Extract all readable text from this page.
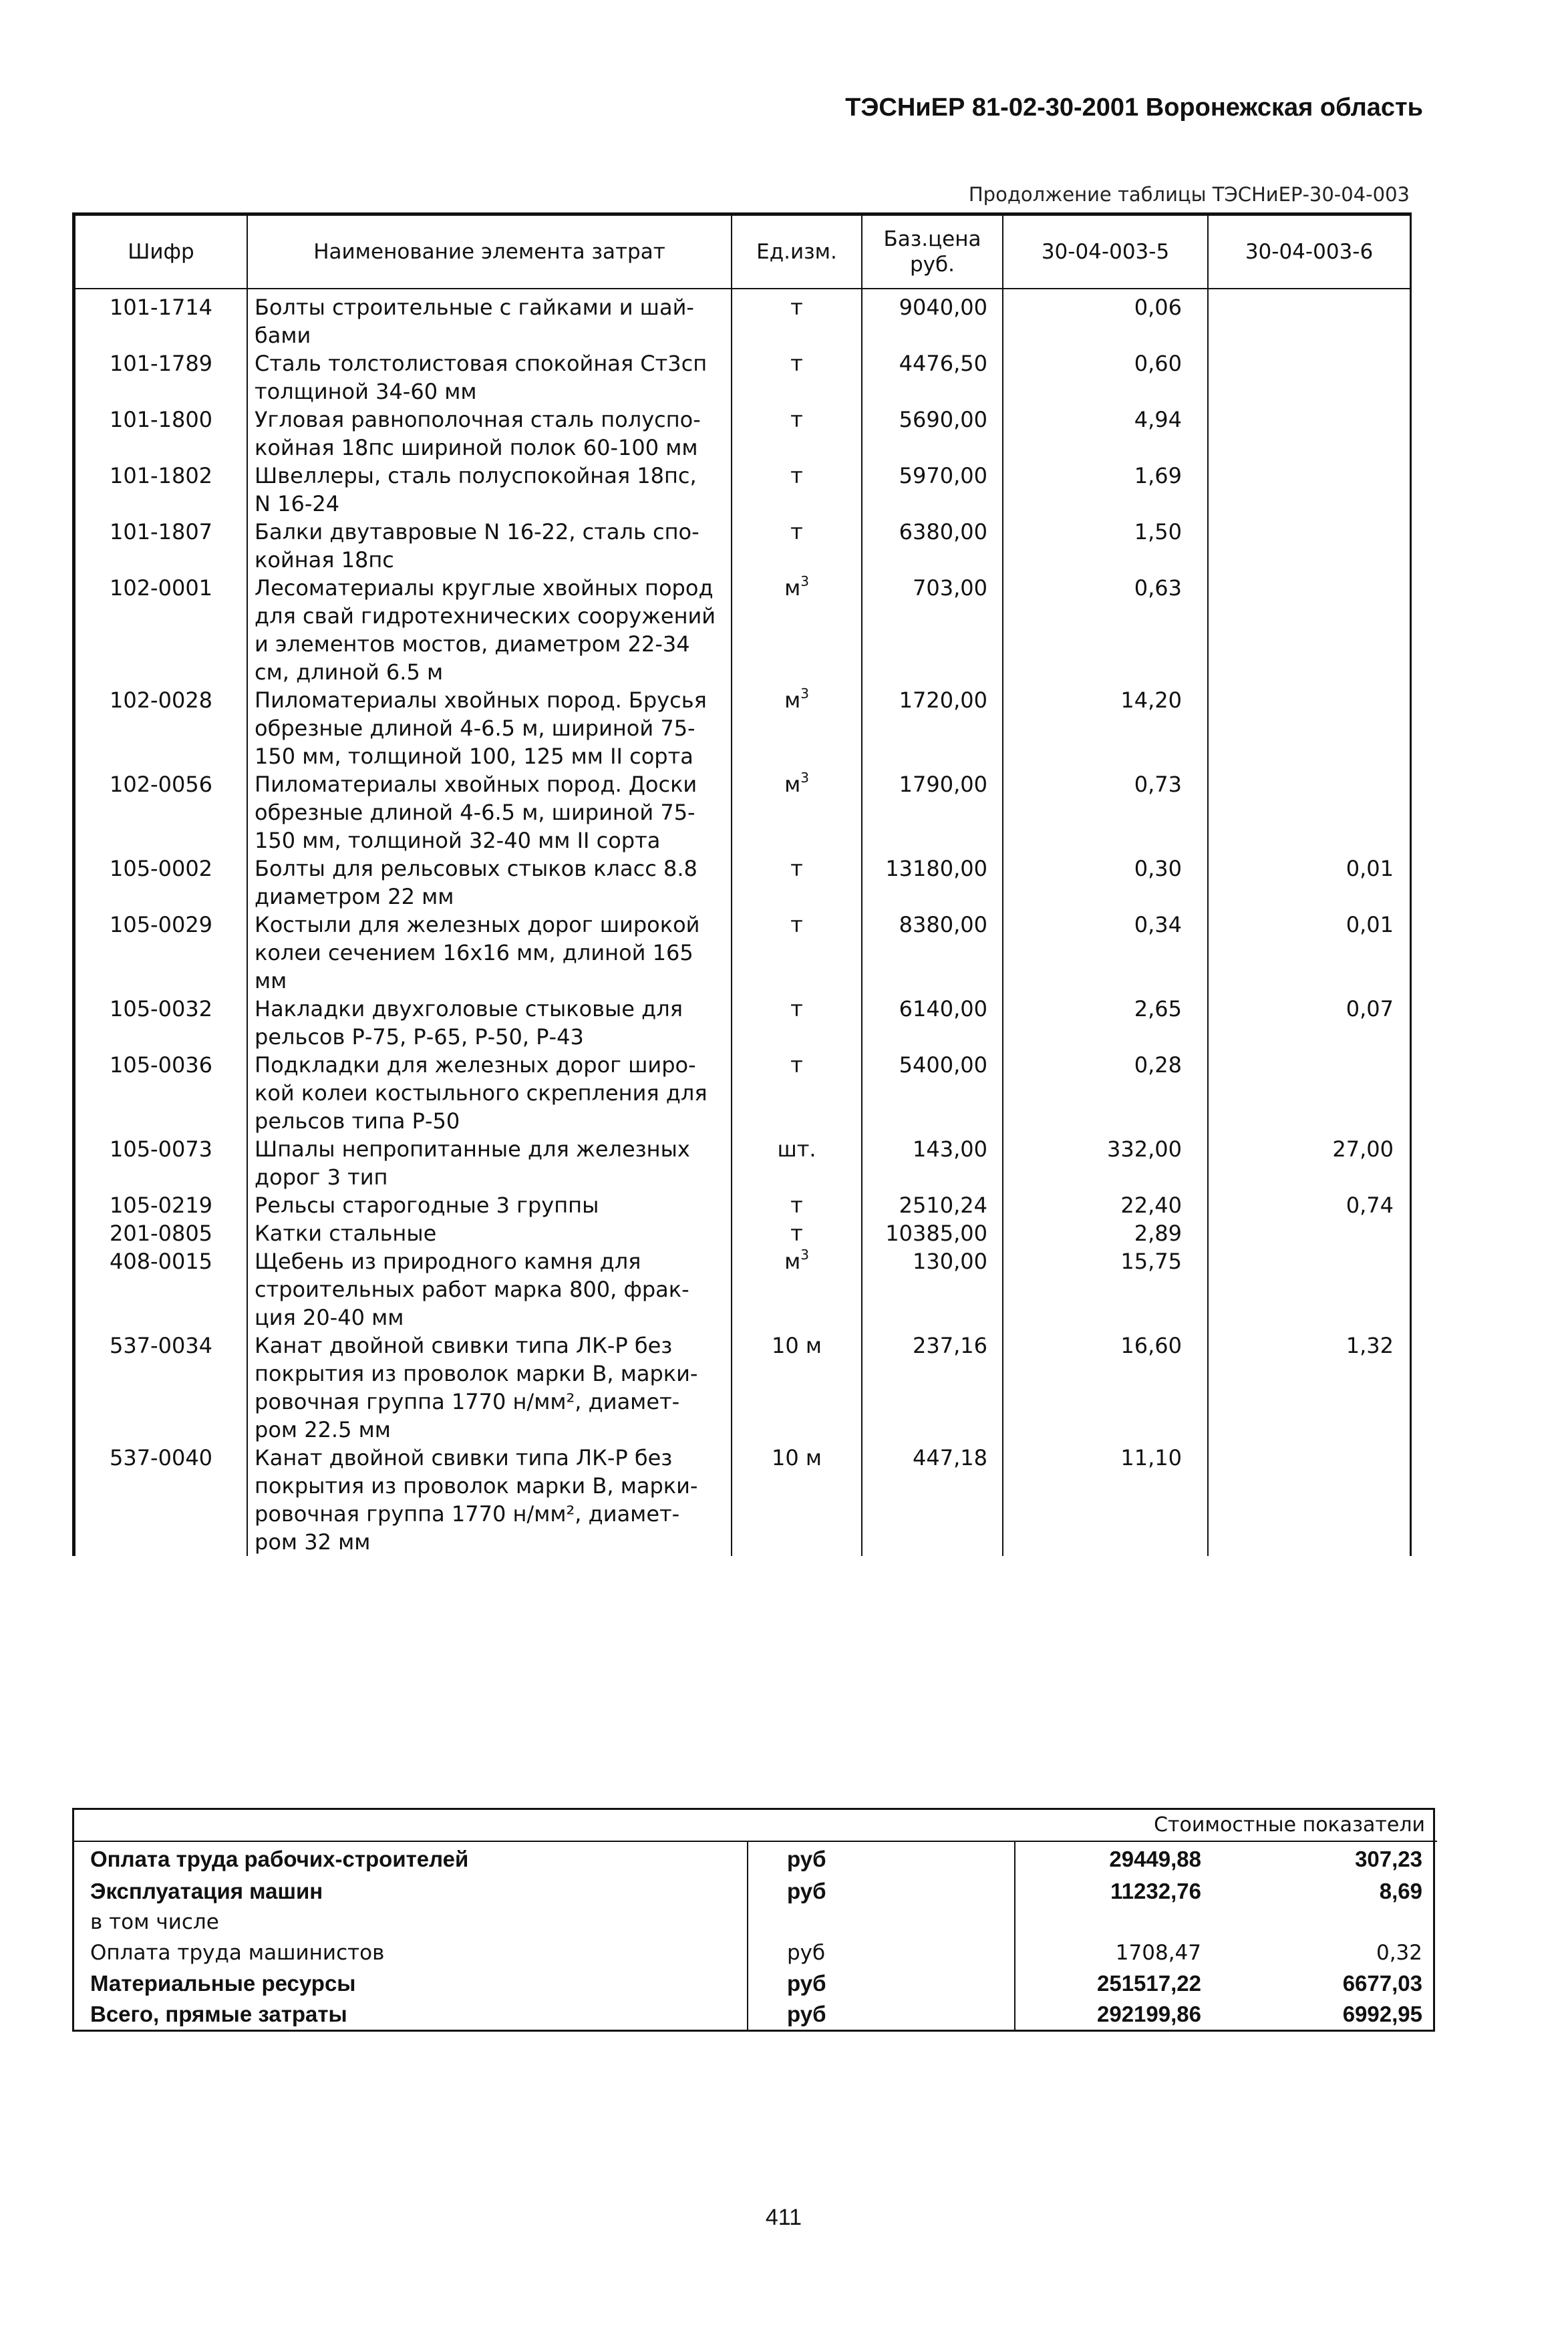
ТЭСНиЕР 81-02-30-2001 Воронежская область
Продолжение таблицы ТЭСНиЕР-30-04-003
Шифр	Наименование элемента затрат	Ед.изм.	Баз.цена руб.	30-04-003-5	30-04-003-6
101-1714	Болты строительные с гайками и шай-
бами	т	9040,00	0,06	
101-1789	Сталь толстолистовая спокойная Ст3сп
толщиной 34-60 мм	т	4476,50	0,60	
101-1800	Угловая равнополочная сталь полуспо-
койная 18пс шириной полок 60-100 мм	т	5690,00	4,94	
101-1802	Швеллеры, сталь полуспокойная 18пс,
N 16-24	т	5970,00	1,69	
101-1807	Балки двутавровые N 16-22, сталь спо-
койная 18пс	т	6380,00	1,50	
102-0001	Лесоматериалы круглые хвойных пород
для свай гидротехнических сооружений
и элементов мостов, диаметром 22-34
см, длиной 6.5 м	$м^3$	703,00	0,63	
102-0028	Пиломатериалы хвойных пород. Брусья
обрезные длиной 4-6.5 м, шириной 75-
150 мм, толщиной 100, 125 мм II сорта	$м^3$	1720,00	14,20	
102-0056	Пиломатериалы хвойных пород. Доски
обрезные длиной 4-6.5 м, шириной 75-
150 мм, толщиной 32-40 мм II сорта	$м^3$	1790,00	0,73	
105-0002	Болты для рельсовых стыков класс 8.8
диаметром 22 мм	т	13180,00	0,30	0,01
105-0029	Костыли для железных дорог широкой
колеи сечением 16х16 мм, длиной 165
мм	т	8380,00	0,34	0,01
105-0032	Накладки двухголовые стыковые для
рельсов Р-75, Р-65, Р-50, Р-43	т	6140,00	2,65	0,07
105-0036	Подкладки для железных дорог широ-
кой колеи костыльного скрепления для
рельсов типа Р-50	т	5400,00	0,28	
105-0073	Шпалы непропитанные для железных
дорог 3 тип	шт.	143,00	332,00	27,00
105-0219	Рельсы старогодные 3 группы	т	2510,24	22,40	0,74
201-0805	Катки стальные	т	10385,00	2,89	
408-0015	Щебень из природного камня для
строительных работ марка 800, фрак-
ция 20-40 мм	$м^3$	130,00	15,75	
537-0034	Канат двойной свивки типа ЛК-Р без
покрытия из проволок марки В, марки-
ровочная группа 1770 н/мм², диамет-
ром 22.5 мм	10 м	237,16	16,60	1,32
537-0040	Канат двойной свивки типа ЛК-Р без
покрытия из проволок марки В, марки-
ровочная группа 1770 н/мм², диамет-
ром 32 мм	10 м	447,18	11,10	
Стоимостные показатели			
Оплата труда рабочих-строителей	руб	29449,88	307,23
Эксплуатация машин	руб	11232,76	8,69
в том числе			
Оплата труда машинистов	руб	1708,47	0,32
Материальные ресурсы	руб	251517,22	6677,03
Всего, прямые затраты	руб	292199,86	6992,95
411
